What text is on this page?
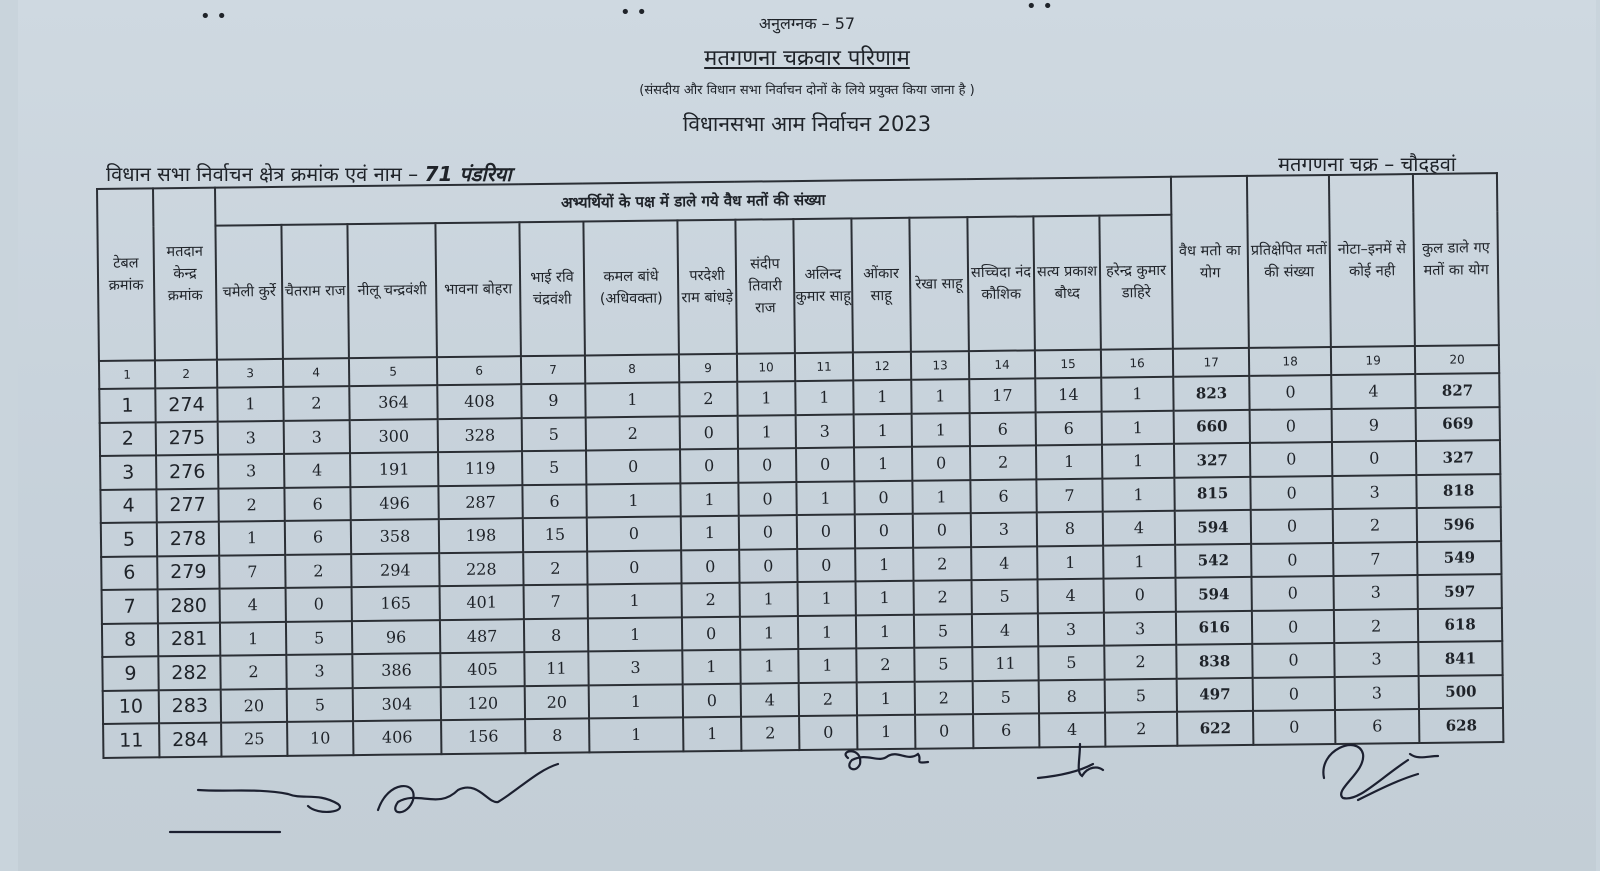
अनुलग्नक – 57
मतगणना चक्रवार परिणाम
(संसदीय और विधान सभा निर्वाचन दोनों के लिये प्रयुक्त किया जाना है )
विधानसभा आम निर्वाचन 2023
विधान सभा निर्वाचन क्षेत्र क्रमांक एवं नाम – 71 पंडरिया	मतगणना चक्र – चौदहवां
टेबल क्रमांक	मतदान केन्द्र क्रमांक	अभ्यर्थियों के पक्ष में डाले गये वैध मतों की संख्या														वैध मतो का योग	प्रतिक्षेपित मतों की संख्या	नोटा–इनमें से कोई नही	कुल डाले गए मतों का योग
		चमेली कुर्रे	चैतराम राज	नीलू चन्द्रवंशी	भावना बोहरा	भाई रवि चंद्रवंशी	कमल बांधे (अधिवक्ता)	परदेशी राम बांधड़े	संदीप तिवारी राज	अलिन्द कुमार साहू	ओंकार साहू	रेखा साहू	सच्चिदा नंद कौशिक	सत्य प्रकाश बौध्द	हरेन्द्र कुमार डाहिरे				
1	2	3	4	5	6	7	8	9	10	11	12	13	14	15	16	17	18	19	20
1	274	1	2	364	408	9	1	2	1	1	1	1	17	14	1	823	0	4	827
2	275	3	3	300	328	5	2	0	1	3	1	1	6	6	1	660	0	9	669
3	276	3	4	191	119	5	0	0	0	0	1	0	2	1	1	327	0	0	327
4	277	2	6	496	287	6	1	1	0	1	0	1	6	7	1	815	0	3	818
5	278	1	6	358	198	15	0	1	0	0	0	0	3	8	4	594	0	2	596
6	279	7	2	294	228	2	0	0	0	0	1	2	4	1	1	542	0	7	549
7	280	4	0	165	401	7	1	2	1	1	1	2	5	4	0	594	0	3	597
8	281	1	5	96	487	8	1	0	1	1	1	5	4	3	3	616	0	2	618
9	282	2	3	386	405	11	3	1	1	1	2	5	11	5	2	838	0	3	841
10	283	20	5	304	120	20	1	0	4	2	1	2	5	8	5	497	0	3	500
11	284	25	10	406	156	8	1	1	2	0	1	0	6	4	2	622	0	6	628
• •	• •	• •
